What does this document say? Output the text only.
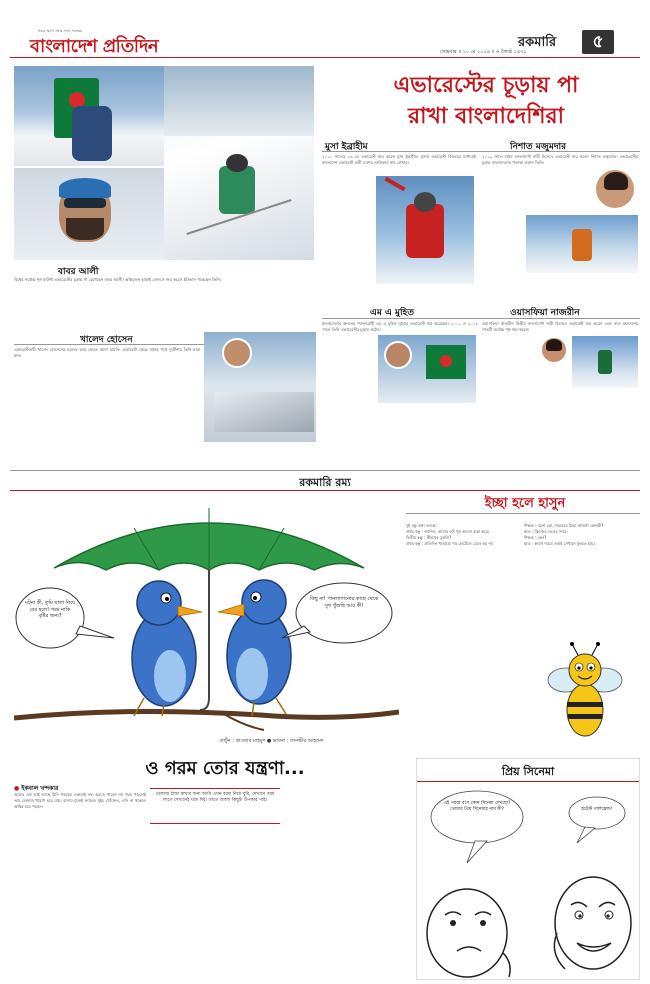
সবার আগে সবার সাথে সবসময়
বাংলাদেশ প্রতিদিন	রকমারি	৫
সোমবার ॥ ২০ মে ২০২৪ ॥ ৬ জ্যৈষ্ঠ ১৪৩১
বাবর আলী
এভারেস্টের চূড়ায় পা
রাখা বাংলাদেশিরা
মুসা ইব্রাহীম	নিশাত মজুমদার

২০১০ সালের ২৩ মে এভারেস্ট জয় করেন মুসা ইব্রাহীম। মুসার এভারেস্ট বিজয়ের মাধ্যমেই বাংলাদেশ এভারেস্ট জয়ী দেশের তালিকায় নাম লেখায়।

২০১২ সালে প্রথম বাংলাদেশি নারী হিসেবে এভারেস্ট জয় করেন নিশাত মজুমদার। এভারেস্টের চূড়ায় বাংলাদেশের পতাকা ওড়ান তিনি।

বিশ্বের সর্বোচ্চ শৃঙ্গ মাউন্ট এভারেস্টের চূড়ায় পা রেখেছেন বাবর আলী। অক্সিজেন ছাড়াই লোৎসে জয় করেও ইতিহাস গড়েছেন তিনি।

খালেদ হোসেন

এভারেস্টজয়ী খালেদ হোসেনের মরদেহ আর ফেরত আনা যায়নি। এভারেস্ট থেকে নামার পথে দুর্ঘটনায় তিনি মারা যান।

এম এ মুহিত	ওয়াসফিয়া নাজরীন

বাংলাদেশের অন্যতম পর্বতারোহী এম এ মুহিত দুইবার এভারেস্ট জয় করেছেন। ২০১১ ও ২০১২ সালে তিনি এভারেস্টের চূড়ায় ওঠেন।

ওয়াসফিয়া নাজরীন দ্বিতীয় বাংলাদেশি নারী হিসেবে এভারেস্ট জয় করেন এবং সাত মহাদেশের সাতটি সর্বোচ্চ শৃঙ্গ জয় করেন।

রকমারি রম্য
ঘটনা কী, তুমি ছাতা নিয়ে বের হলে! গরম নাকি বৃষ্টির জন্য?
কিছু না! পানলাগানোর কাছে থেকে সুখ খুঁজছি আর কী!
কার্টুন : কাওছার মাহমুদ ● ভাবনা : তানভীর আহমেদ
ইচ্ছা হলে হাসুন

দুই বন্ধু কথা বলছে।
প্রথম বন্ধু : জানিস, আমার বউ খুব ভালো রান্না করে।
দ্বিতীয় বন্ধু : কীভাবে বুঝলি?
প্রথম বন্ধু : প্রতিদিন খাওয়ার পর হোটেলে যেতে হয় না।

শিক্ষক : বলো তো, সবচেয়ে ঠান্ডা জায়গা কোনটা?
ছাত্র : ফ্রিজের ভেতর স্যার।
শিক্ষক : কেন?
ছাত্র : কারণ গরমে সবাই সেখানে ঢুকতে চায়।

ও গরম তোর যন্ত্রণা...
● ইকবাল খন্দকার

আমার এক ভাই আছে যিনি গরমকে একদমই সহ্য করতে পারেন না। গরম পড়লেই তার মেজাজ খারাপ হয়ে যায়। বাসায় ঢুকেই ফ্যানের সুইচ খোঁজেন, এসি না থাকলে অস্থির হয়ে পড়েন।

মেজাজ ঠান্ডা রাখার জন্য আমি এখন বরফ নিয়ে ঘুরি, যেখানে গরম লাগে সেখানেই ঘষে দিই। তাতে অবশ্য কিছুটা উপকার পাই।
প্রিয় সিনেমা
এই গরমে বসে কোন সিনেমা দেখছো? তোমার প্রিয় সিনেমার নাম কী?	হটেস্ট গার্লফ্রেন্ড!
